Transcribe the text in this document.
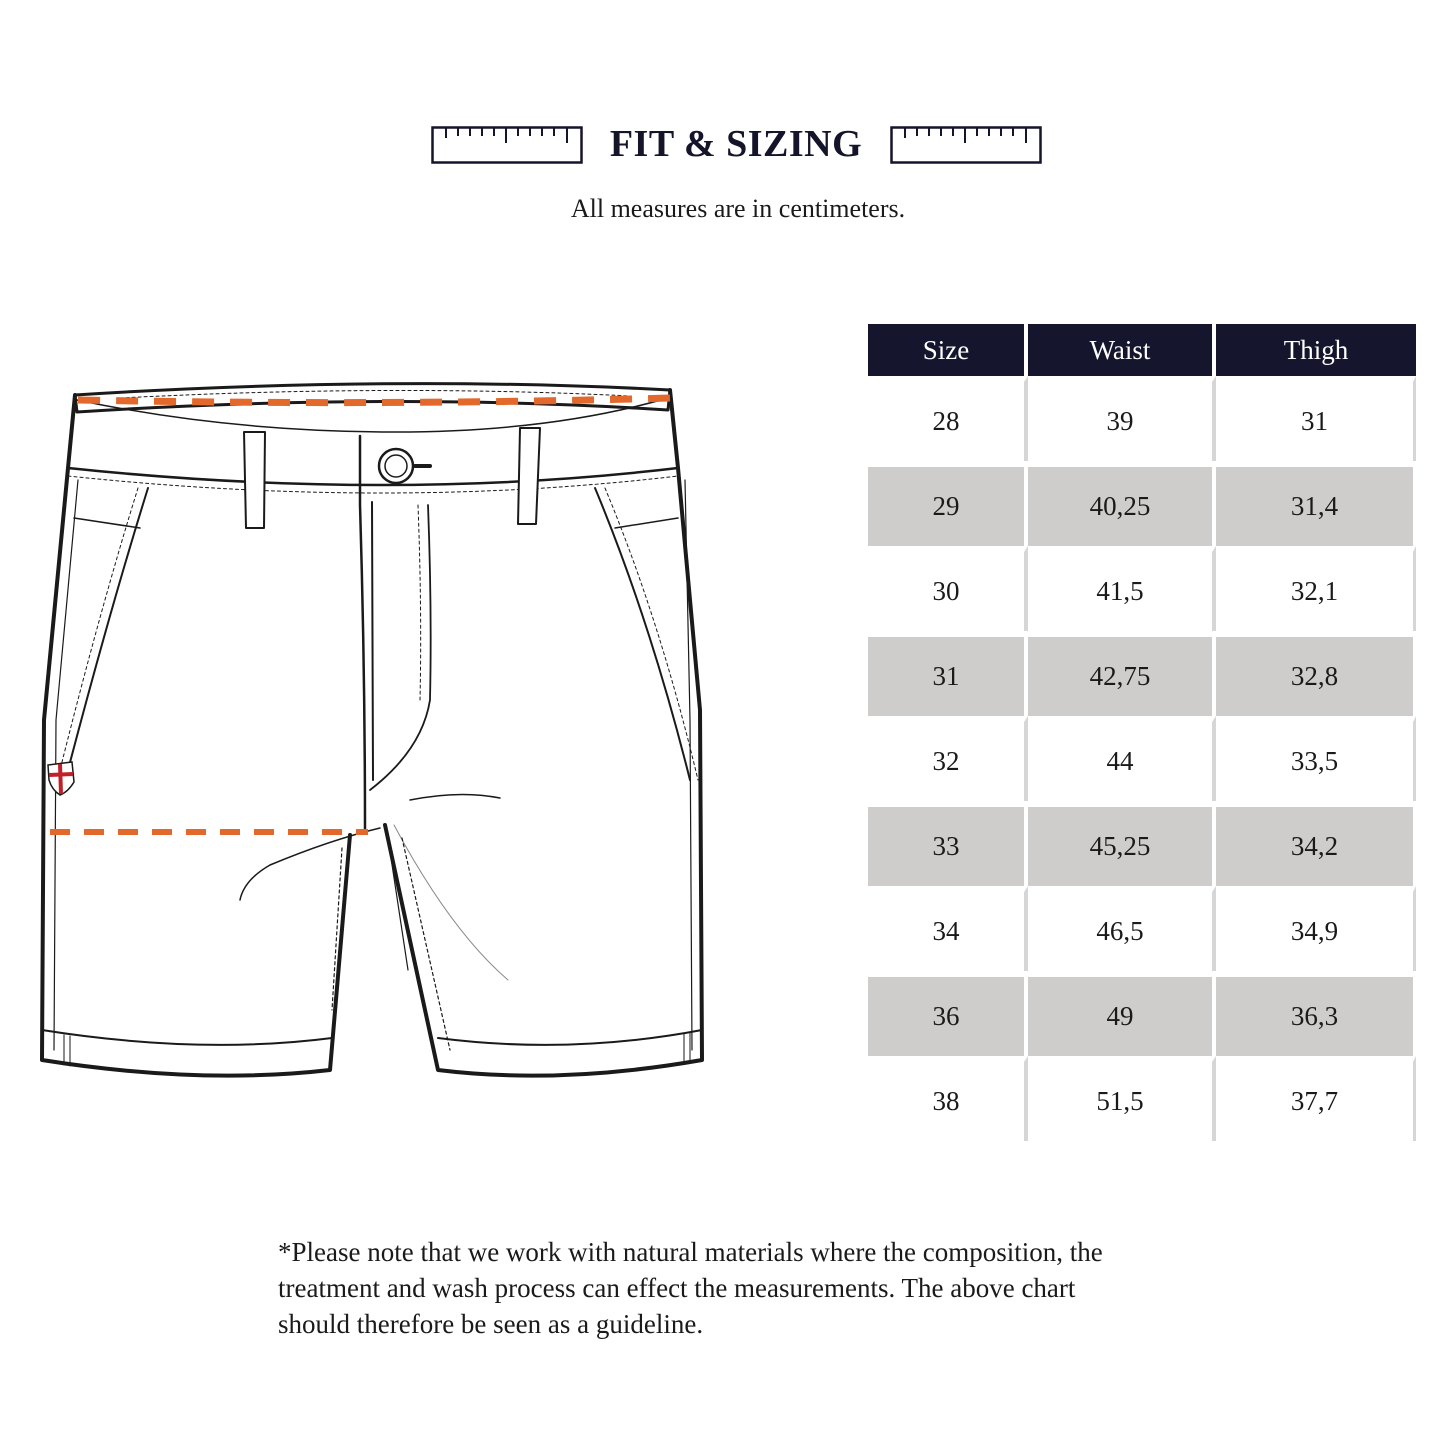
FIT & SIZING
All measures are in centimeters.
Size	Waist	Thigh
28	39	31
29	40,25	31,4
30	41,5	32,1
31	42,75	32,8
32	44	33,5
33	45,25	34,2
34	46,5	34,9
36	49	36,3
38	51,5	37,7
*Please note that we work with natural materials where the composition, the
treatment and wash process can effect the measurements. The above chart
should therefore be seen as a guideline.
